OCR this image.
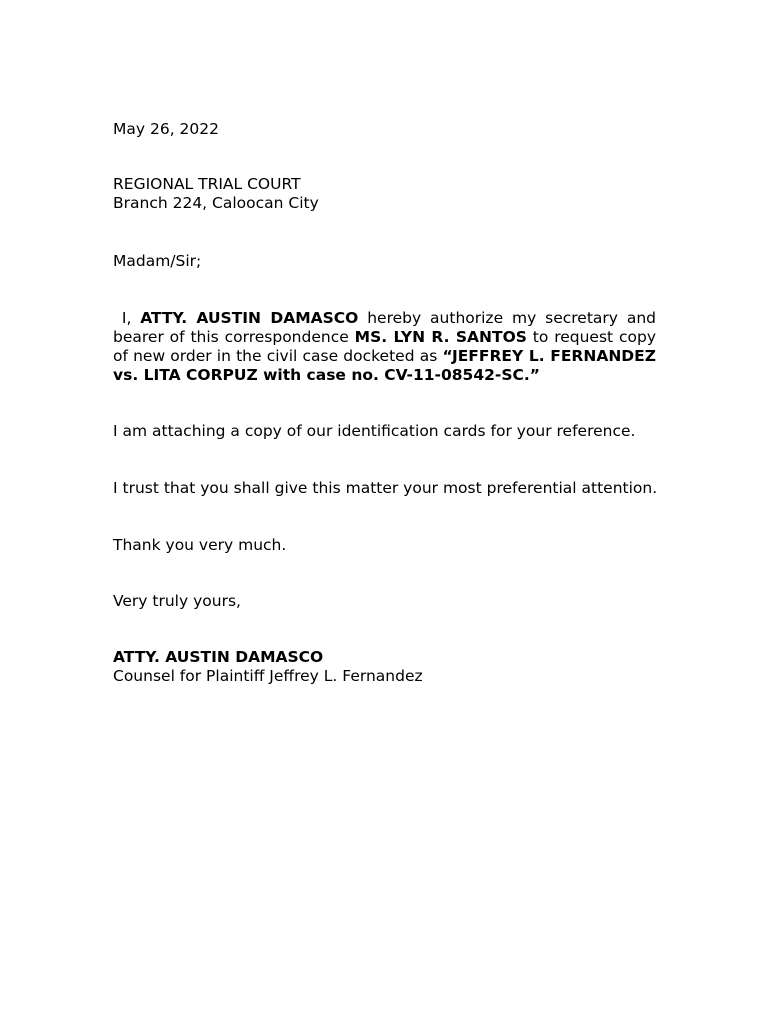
May 26, 2022
REGIONAL TRIAL COURT
Branch 224, Caloocan City
Madam/Sir;
I, ATTY. AUSTIN DAMASCO hereby authorize my secretary and bearer of this correspondence MS. LYN R. SANTOS to request copy of new order in the civil case docketed as “JEFFREY L. FERNANDEZ vs. LITA CORPUZ with case no. CV-11-08542-SC.”
I am attaching a copy of our identification cards for your reference.
I trust that you shall give this matter your most preferential attention.
Thank you very much.
Very truly yours,
ATTY. AUSTIN DAMASCO
Counsel for Plaintiff Jeffrey L. Fernandez
